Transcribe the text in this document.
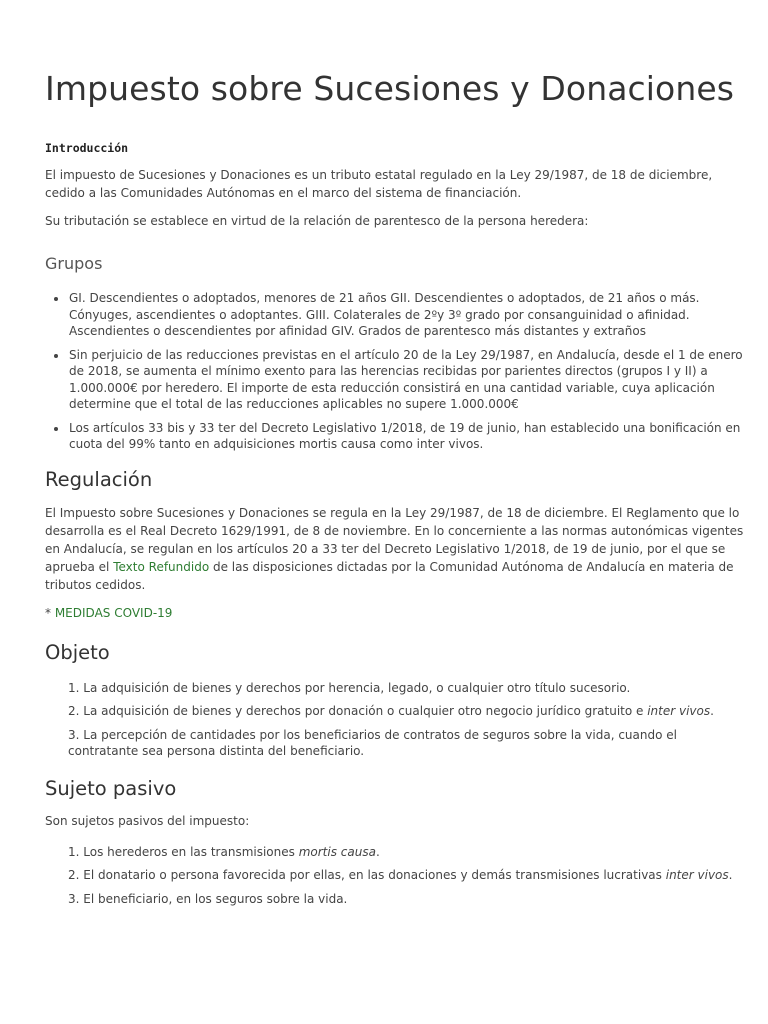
Impuesto sobre Sucesiones y Donaciones
Introducción

El impuesto de Sucesiones y Donaciones es un tributo estatal regulado en la Ley 29/1987, de 18 de diciembre, cedido a las Comunidades Autónomas en el marco del sistema de financiación.

Su tributación se establece en virtud de la relación de parentesco de la persona heredera:

Grupos
• GI. Descendientes o adoptados, menores de 21 años GII. Descendientes o adoptados, de 21 años o más. Cónyuges, ascendientes o adoptantes. GIII. Colaterales de 2ºy 3º grado por consanguinidad o afinidad. Ascendientes o descendientes por afinidad GIV. Grados de parentesco más distantes y extraños
• Sin perjuicio de las reducciones previstas en el artículo 20 de la Ley 29/1987, en Andalucía, desde el 1 de enero de 2018, se aumenta el mínimo exento para las herencias recibidas por parientes directos (grupos I y II) a 1.000.000€ por heredero. El importe de esta reducción consistirá en una cantidad variable, cuya aplicación determine que el total de las reducciones aplicables no supere 1.000.000€
• Los artículos 33 bis y 33 ter del Decreto Legislativo 1/2018, de 19 de junio, han establecido una bonificación en cuota del 99% tanto en adquisiciones mortis causa como inter vivos.
Regulación

El Impuesto sobre Sucesiones y Donaciones se regula en la Ley 29/1987, de 18 de diciembre. El Reglamento que lo desarrolla es el Real Decreto 1629/1991, de 8 de noviembre. En lo concerniente a las normas autonómicas vigentes en Andalucía, se regulan en los artículos 20 a 33 ter del Decreto Legislativo 1/2018, de 19 de junio, por el que se aprueba el Texto Refundido de las disposiciones dictadas por la Comunidad Autónoma de Andalucía en materia de tributos cedidos.

* MEDIDAS COVID-19
Objeto
1. La adquisición de bienes y derechos por herencia, legado, o cualquier otro título sucesorio.
2. La adquisición de bienes y derechos por donación o cualquier otro negocio jurídico gratuito e inter vivos.
3. La percepción de cantidades por los beneficiarios de contratos de seguros sobre la vida, cuando el contratante sea persona distinta del beneficiario.
Sujeto pasivo

Son sujetos pasivos del impuesto:

1. Los herederos en las transmisiones mortis causa.
2. El donatario o persona favorecida por ellas, en las donaciones y demás transmisiones lucrativas inter vivos.
3. El beneficiario, en los seguros sobre la vida.
